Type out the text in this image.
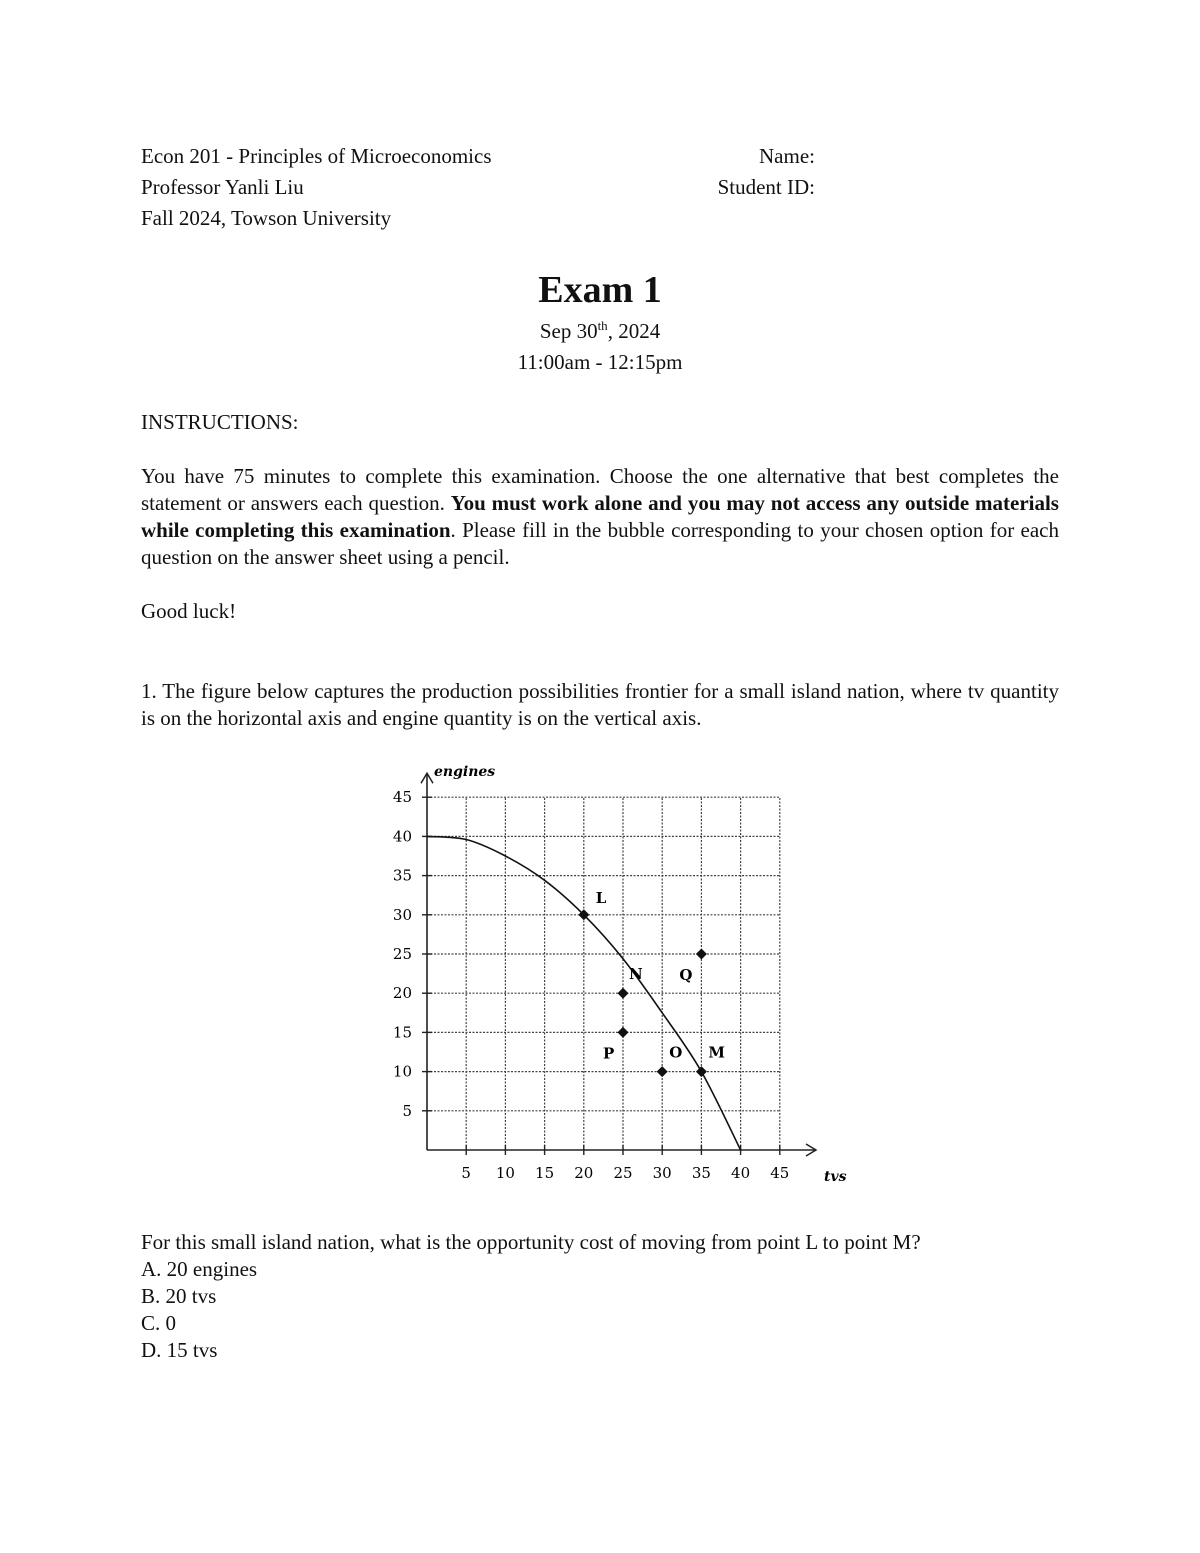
Econ 201 - Principles of Microeconomics
Professor Yanli Liu
Fall 2024, Towson University
Name:
Student ID:
Exam 1
Sep 30th, 2024
11:00am - 12:15pm
INSTRUCTIONS:
You have 75 minutes to complete this examination. Choose the one alternative that best completes the statement or answers each question. You must work alone and you may not access any outside materials while completing this examination. Please fill in the bubble corresponding to your chosen option for each question on the answer sheet using a pencil.
Good luck!
1. The figure below captures the production possibilities frontier for a small island nation, where tv quantity is on the horizontal axis and engine quantity is on the vertical axis.
5 10 15 20 25 30 35 40 45
5
10
15
20
25
30
35
40
45
L
N
P	O M
Q
engines
tvs
For this small island nation, what is the opportunity cost of moving from point L to point M?
A. 20 engines
B. 20 tvs
C. 0
D. 15 tvs
